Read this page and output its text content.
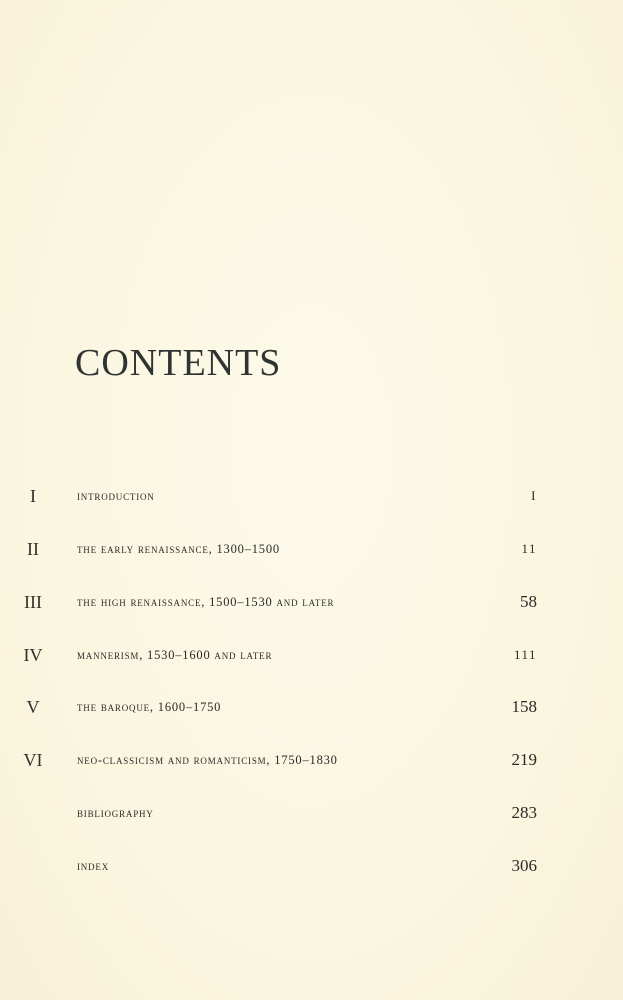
CONTENTS
I	introduction	I
II	the early renaissance, 1300–1500	11
III	the high renaissance, 1500–1530 and later	58
IV	mannerism, 1530–1600 and later	111
V	the baroque, 1600–1750	158
VI	neo-classicism and romanticism, 1750–1830	219
bibliography	283
index	306
